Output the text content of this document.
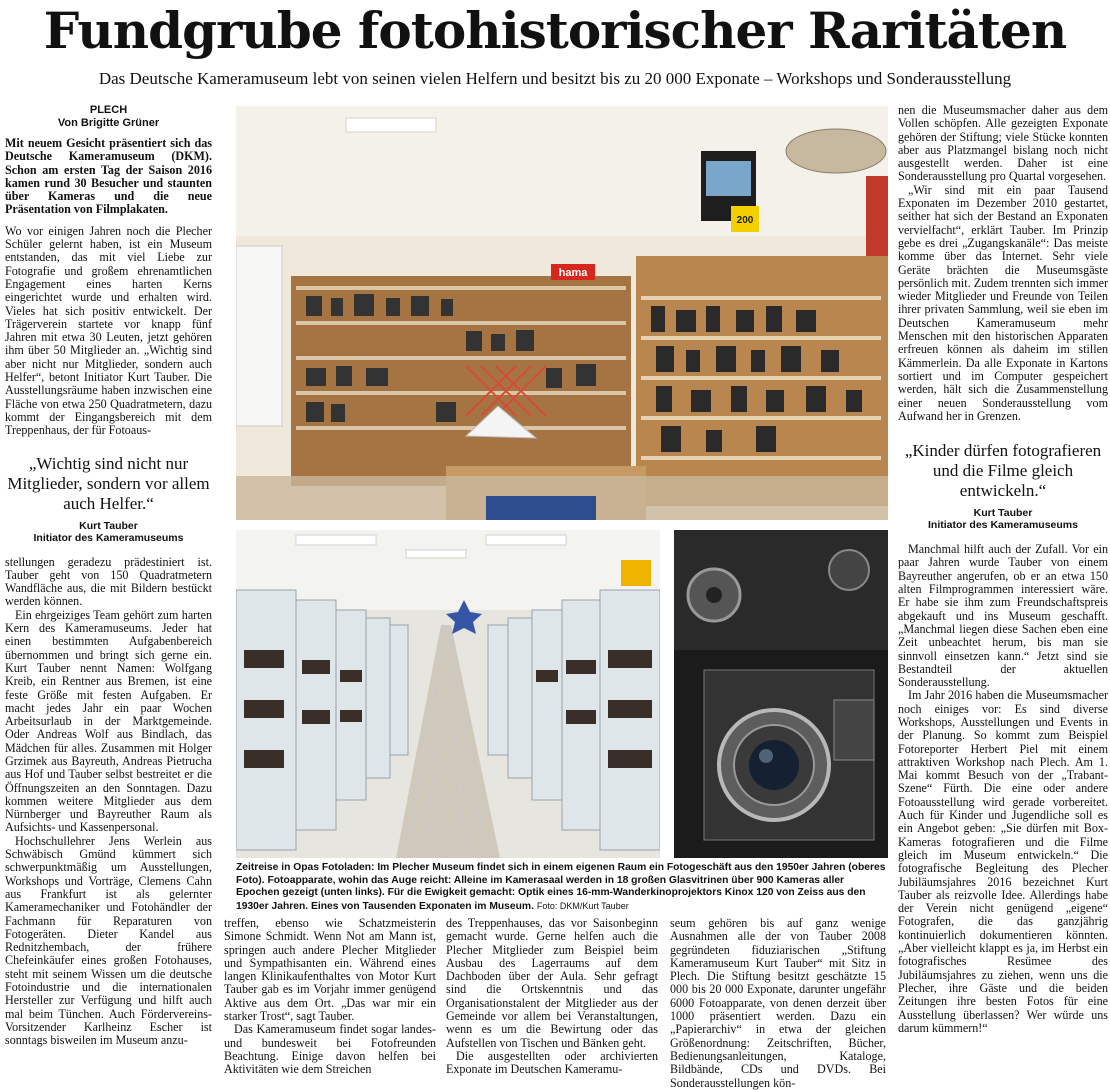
Fundgrube fotohistorischer Raritäten
Das Deutsche Kameramuseum lebt von seinen vielen Helfern und besitzt bis zu 20 000 Exponate – Workshops und Sonderausstellung
PLECH
Von Brigitte Grüner

Mit neuem Gesicht präsentiert sich das Deutsche Kameramuseum (DKM). Schon am ersten Tag der Saison 2016 kamen rund 30 Besucher und staunten über Kameras und die neue Präsentation von Filmplakaten.

Wo vor einigen Jahren noch die Plecher Schüler gelernt haben, ist ein Museum entstanden, das mit viel Liebe zur Fotografie und großem ehrenamtlichen Engagement eines harten Kerns eingerichtet wurde und erhalten wird. Vieles hat sich positiv entwickelt. Der Trägerverein startete vor knapp fünf Jahren mit etwa 30 Leuten, jetzt gehören ihm über 50 Mitglieder an. „Wichtig sind aber nicht nur Mitglieder, sondern auch Helfer“, betont Initiator Kurt Tauber. Die Ausstellungsräume haben inzwischen eine Fläche von etwa 250 Quadratmetern, dazu kommt der Eingangsbereich mit dem Treppenhaus, der für Fotoaus-

„Wichtig sind nicht nur Mitglieder, sondern vor allem auch Helfer.“
Kurt Tauber
Initiator des Kameramuseums

stellungen geradezu prädestiniert ist. Tauber geht von 150 Quadratmetern Wandfläche aus, die mit Bildern bestückt werden können.

Ein ehrgeiziges Team gehört zum harten Kern des Kameramuseums. Jeder hat einen bestimmten Aufgabenbereich übernommen und bringt sich gerne ein. Kurt Tauber nennt Namen: Wolfgang Kreib, ein Rentner aus Bremen, ist eine feste Größe mit festen Aufgaben. Er macht jedes Jahr ein paar Wochen Arbeitsurlaub in der Marktgemeinde. Oder Andreas Wolf aus Bindlach, das Mädchen für alles. Zusammen mit Holger Grzimek aus Bayreuth, Andreas Pietrucha aus Hof und Tauber selbst bestreitet er die Öffnungszeiten an den Sonntagen. Dazu kommen weitere Mitglieder aus dem Nürnberger und Bayreuther Raum als Aufsichts- und Kassenpersonal.

Hochschullehrer Jens Werlein aus Schwäbisch Gmünd kümmert sich schwerpunktmäßig um Ausstellungen, Workshops und Vorträge, Clemens Cahn aus Frankfurt ist als gelernter Kameramechaniker und Fotohändler der Fachmann für Reparaturen von Fotogeräten. Dieter Kandel aus Rednitzhembach, der frühere Chefeinkäufer eines großen Fotohauses, steht mit seinem Wissen um die deutsche Fotoindustrie und die internationalen Hersteller zur Verfügung und hilft auch mal beim Tünchen. Auch Fördervereins-Vorsitzender Karlheinz Escher ist sonntags bisweilen im Museum anzu-

hama
200
Zeitreise in Opas Fotoladen: Im Plecher Museum findet sich in einem eigenen Raum ein Fotogeschäft aus den 1950er Jahren (oberes Foto). Fotoapparate, wohin das Auge reicht: Alleine im Kamerasaal werden in 18 großen Glasvitrinen über 900 Kameras aller Epochen gezeigt (unten links). Für die Ewigkeit gemacht: Optik eines 16-mm-Wanderkinoprojektors Kinox 120 von Zeiss aus den 1930er Jahren. Eines von Tausenden Exponaten im Museum. Foto: DKM/Kurt Tauber

treffen, ebenso wie Schatzmeisterin Simone Schmidt. Wenn Not am Mann ist, springen auch andere Plecher Mitglieder und Sympathisanten ein. Während eines langen Klinikaufenthaltes von Motor Kurt Tauber gab es im Vorjahr immer genügend Aktive aus dem Ort. „Das war mir ein starker Trost“, sagt Tauber.

Das Kameramuseum findet sogar landes- und bundesweit bei Fotofreunden Beachtung. Einige davon helfen bei Aktivitäten wie dem Streichen

des Treppenhauses, das vor Saisonbeginn gemacht wurde. Gerne helfen auch die Plecher Mitglieder zum Beispiel beim Ausbau des Lagerraums auf dem Dachboden über der Aula. Sehr gefragt sind die Ortskenntnis und das Organisationstalent der Mitglieder aus der Gemeinde vor allem bei Veranstaltungen, wenn es um die Bewirtung oder das Aufstellen von Tischen und Bänken geht.

Die ausgestellten oder archivierten Exponate im Deutschen Kameramu-

seum gehören bis auf ganz wenige Ausnahmen alle der von Tauber 2008 gegründeten fiduziarischen „Stiftung Kameramuseum Kurt Tauber“ mit Sitz in Plech. Die Stiftung besitzt geschätzte 15 000 bis 20 000 Exponate, darunter ungefähr 6000 Fotoapparate, von denen derzeit über 1000 präsentiert werden. Dazu ein „Papierarchiv“ in etwa der gleichen Größenordnung: Zeitschriften, Bücher, Bedienungsanleitungen, Kataloge, Bildbände, CDs und DVDs. Bei Sonderausstellungen kön-

nen die Museumsmacher daher aus dem Vollen schöpfen. Alle gezeigten Exponate gehören der Stiftung; viele Stücke konnten aber aus Platzmangel bislang noch nicht ausgestellt werden. Daher ist eine Sonderausstellung pro Quartal vorgesehen.

„Wir sind mit ein paar Tausend Exponaten im Dezember 2010 gestartet, seither hat sich der Bestand an Exponaten vervielfacht“, erklärt Tauber. Im Prinzip gebe es drei „Zugangskanäle“: Das meiste komme über das Internet. Sehr viele Geräte brächten die Museumsgäste persönlich mit. Zudem trennten sich immer wieder Mitglieder und Freunde von Teilen ihrer privaten Sammlung, weil sie eben im Deutschen Kameramuseum mehr Menschen mit den historischen Apparaten erfreuen können als daheim im stillen Kämmerlein. Da alle Exponate in Kartons sortiert und im Computer gespeichert werden, hält sich die Zusammenstellung einer neuen Sonderausstellung vom Aufwand her in Grenzen.

„Kinder dürfen fotografieren und die Filme gleich entwickeln.“
Kurt Tauber
Initiator des Kameramuseums

Manchmal hilft auch der Zufall. Vor ein paar Jahren wurde Tauber von einem Bayreuther angerufen, ob er an etwa 150 alten Filmprogrammen interessiert wäre. Er habe sie ihm zum Freundschaftspreis abgekauft und ins Museum geschafft. „Manchmal liegen diese Sachen eben eine Zeit unbeachtet herum, bis man sie sinnvoll einsetzen kann.“ Jetzt sind sie Bestandteil der aktuellen Sonderausstellung.

Im Jahr 2016 haben die Museumsmacher noch einiges vor: Es sind diverse Workshops, Ausstellungen und Events in der Planung. So kommt zum Beispiel Fotoreporter Herbert Piel mit einem attraktiven Workshop nach Plech. Am 1. Mai kommt Besuch von der „Trabant-Szene“ Fürth. Die eine oder andere Fotoausstellung wird gerade vorbereitet. Auch für Kinder und Jugendliche soll es ein Angebot geben: „Sie dürfen mit Box-Kameras fotografieren und die Filme gleich im Museum entwickeln.“ Die fotografische Begleitung des Plecher Jubiläumsjahres 2016 bezeichnet Kurt Tauber als reizvolle Idee. Allerdings habe der Verein nicht genügend „eigene“ Fotografen, die das ganzjährig kontinuierlich dokumentieren könnten. „Aber vielleicht klappt es ja, im Herbst ein fotografisches Resümee des Jubiläumsjahres zu ziehen, wenn uns die Plecher, ihre Gäste und die beiden Zeitungen ihre besten Fotos für eine Ausstellung überlassen? Wer würde uns darum kümmern!“
